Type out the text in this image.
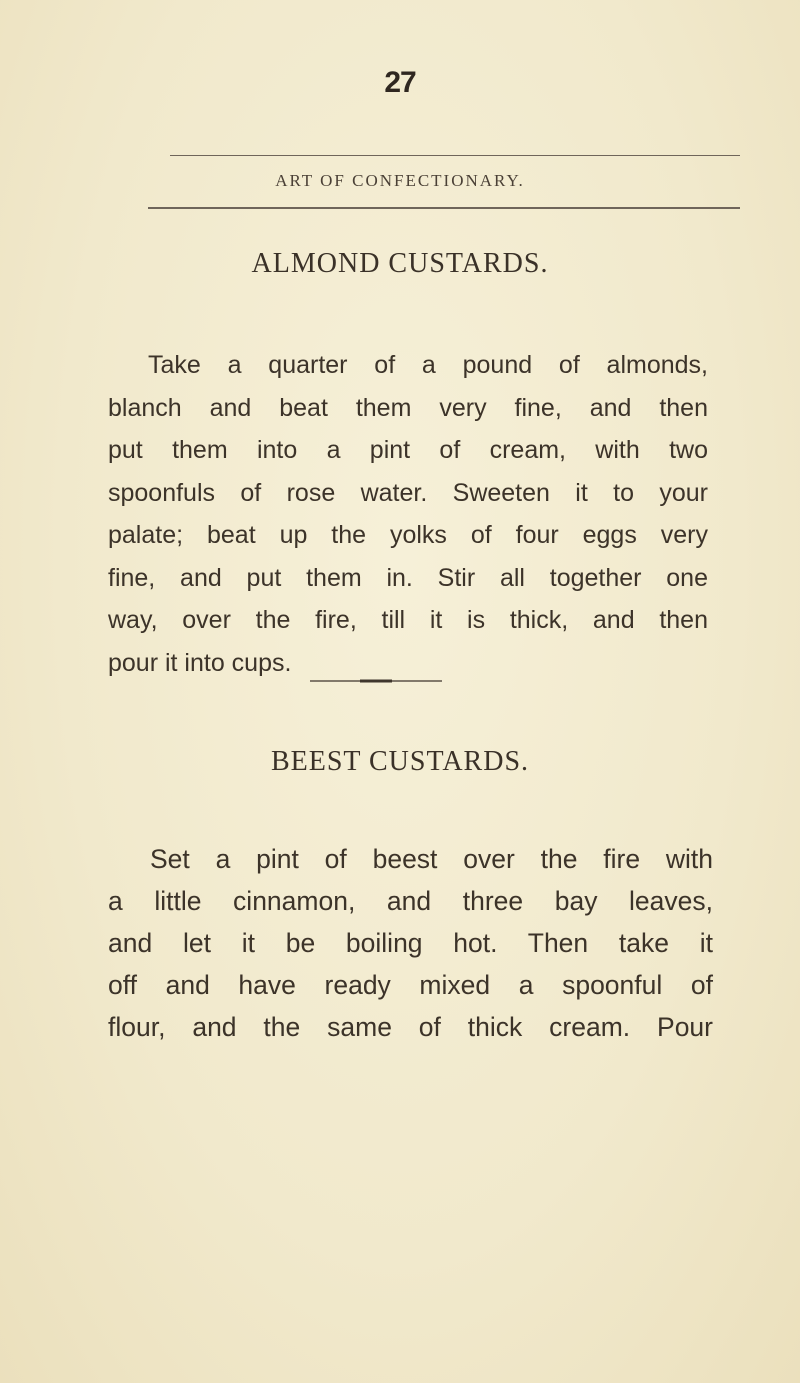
27
ART OF CONFECTIONARY.
ALMOND CUSTARDS.
Take a quarter of a pound of almonds,
blanch and beat them very fine, and then
put them into a pint of cream, with two
spoonfuls of rose water. Sweeten it to your
palate; beat up the yolks of four eggs very
fine, and put them in. Stir all together one
way, over the fire, till it is thick, and then
pour it into cups.
BEEST CUSTARDS.
Set a pint of beest over the fire with
a little cinnamon, and three bay leaves,
and let it be boiling hot. Then take it
off and have ready mixed a spoonful of
flour, and the same of thick cream. Pour
